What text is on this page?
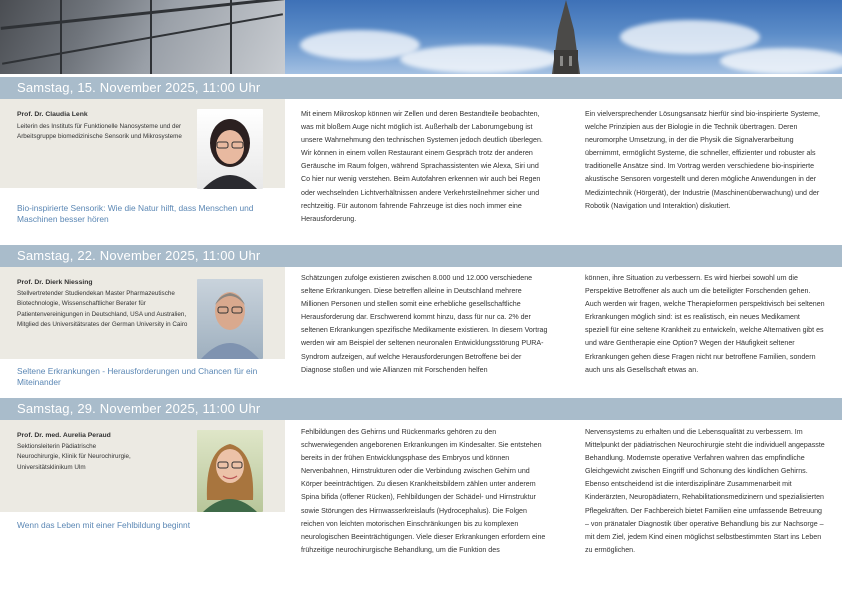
Samstag, 15. November 2025, 11:00 Uhr
Prof. Dr. Claudia Lenk
Leiterin des Instituts für Funktionelle Nanosysteme und der Arbeitsgruppe biomedizinische Sensorik und Mikrosysteme
Bio-inspirierte Sensorik: Wie die Natur hilft, dass Menschen und Maschinen besser hören

Mit einem Mikroskop können wir Zellen und deren Bestandteile beobachten, was mit bloßem Auge nicht möglich ist. Außerhalb der Laborumgebung ist unsere Wahrnehmung den technischen Systemen jedoch deutlich überlegen. Wir können in einem vollen Restaurant einem Gespräch trotz der anderen Geräusche im Raum folgen, während Sprachassistenten wie Alexa, Siri und Co hier nur wenig verstehen. Beim Autofahren erkennen wir auch bei Regen oder wechselnden Lichtverhältnissen andere Verkehrsteilnehmer sicher und rechtzeitig. Für autonom fahrende Fahrzeuge ist dies noch immer eine Herausforderung.

Ein vielversprechender Lösungsansatz hierfür sind bio-inspirierte Systeme, welche Prinzipien aus der Biologie in die Technik übertragen. Deren neuromorphe Umsetzung, in der die Physik die Signalverarbeitung übernimmt, ermöglicht Systeme, die schneller, effizienter und robuster als traditionelle Ansätze sind. Im Vortrag werden verschiedene bio-inspirierte akustische Sensoren vorgestellt und deren mögliche Anwendungen in der Medizintechnik (Hörgerät), der Industrie (Maschinenüberwachung) und der Robotik (Navigation und Interaktion) diskutiert.

Samstag, 22. November 2025, 11:00 Uhr
Prof. Dr. Dierk Niessing
Stellvertretender Studiendekan Master Pharmazeutische Biotechnologie, Wissenschaftlicher Berater für Patientenvereinigungen in Deutschland, USA und Australien, Mitglied des Universitätsrates der German University in Cairo
Seltene Erkrankungen - Herausforderungen und Chancen für ein Miteinander

Schätzungen zufolge existieren zwischen 8.000 und 12.000 verschiedene seltene Erkrankungen. Diese betreffen alleine in Deutschland mehrere Millionen Personen und stellen somit eine erhebliche gesellschaftliche Herausforderung dar. Erschwerend kommt hinzu, dass für nur ca. 2% der seltenen Erkrankungen spezifische Medikamente existieren. In diesem Vortrag werden wir am Beispiel der seltenen neuronalen Entwicklungsstörung PURA-Syndrom aufzeigen, auf welche Herausforderungen Betroffene bei der Diagnose stoßen und wie Allianzen mit Forschenden helfen

können, ihre Situation zu verbessern. Es wird hierbei sowohl um die Perspektive Betroffener als auch um die beteiligter Forschenden gehen. Auch werden wir fragen, welche Therapieformen perspektivisch bei seltenen Erkrankungen möglich sind: ist es realistisch, ein neues Medikament speziell für eine seltene Krankheit zu entwickeln, welche Alternativen gibt es und wäre Gentherapie eine Option? Wegen der Häufigkeit seltener Erkrankungen gehen diese Fragen nicht nur betroffene Familien, sondern auch uns als Gesellschaft etwas an.

Samstag, 29. November 2025, 11:00 Uhr
Prof. Dr. med. Aurelia Peraud
Sektionsleiterin Pädiatrische Neurochirurgie, Klinik für Neurochirurgie, Universitätsklinikum Ulm
Wenn das Leben mit einer Fehlbildung beginnt

Fehlbildungen des Gehirns und Rückenmarks gehören zu den schwerwiegenden angeborenen Erkrankungen im Kindesalter. Sie entstehen bereits in der frühen Entwicklungsphase des Embryos und können Nervenbahnen, Hirnstrukturen oder die Verbindung zwischen Gehirn und Körper beeinträchtigen. Zu diesen Krankheitsbildern zählen unter anderem Spina bifida (offener Rücken), Fehlbildungen der Schädel- und Hirnstruktur sowie Störungen des Hirnwasserkreislaufs (Hydrocephalus). Die Folgen reichen von leichten motorischen Einschränkungen bis zu komplexen neurologischen Beeinträchtigungen. Viele dieser Erkrankungen erfordern eine frühzeitige neurochirurgische Behandlung, um die Funktion des

Nervensystems zu erhalten und die Lebensqualität zu verbessern. Im Mittelpunkt der pädiatrischen Neurochirurgie steht die individuell angepasste Behandlung. Modernste operative Verfahren wahren das empfindliche Gleichgewicht zwischen Eingriff und Schonung des kindlichen Gehirns. Ebenso entscheidend ist die interdisziplinäre Zusammenarbeit mit Kinderärzten, Neuropädiatern, Rehabilitationsmedizinern und spezialisierten Pflegekräften. Der Fachbereich bietet Familien eine umfassende Betreuung – von pränataler Diagnostik über operative Behandlung bis zur Nachsorge – mit dem Ziel, jedem Kind einen möglichst selbstbestimmten Start ins Leben zu ermöglichen.
